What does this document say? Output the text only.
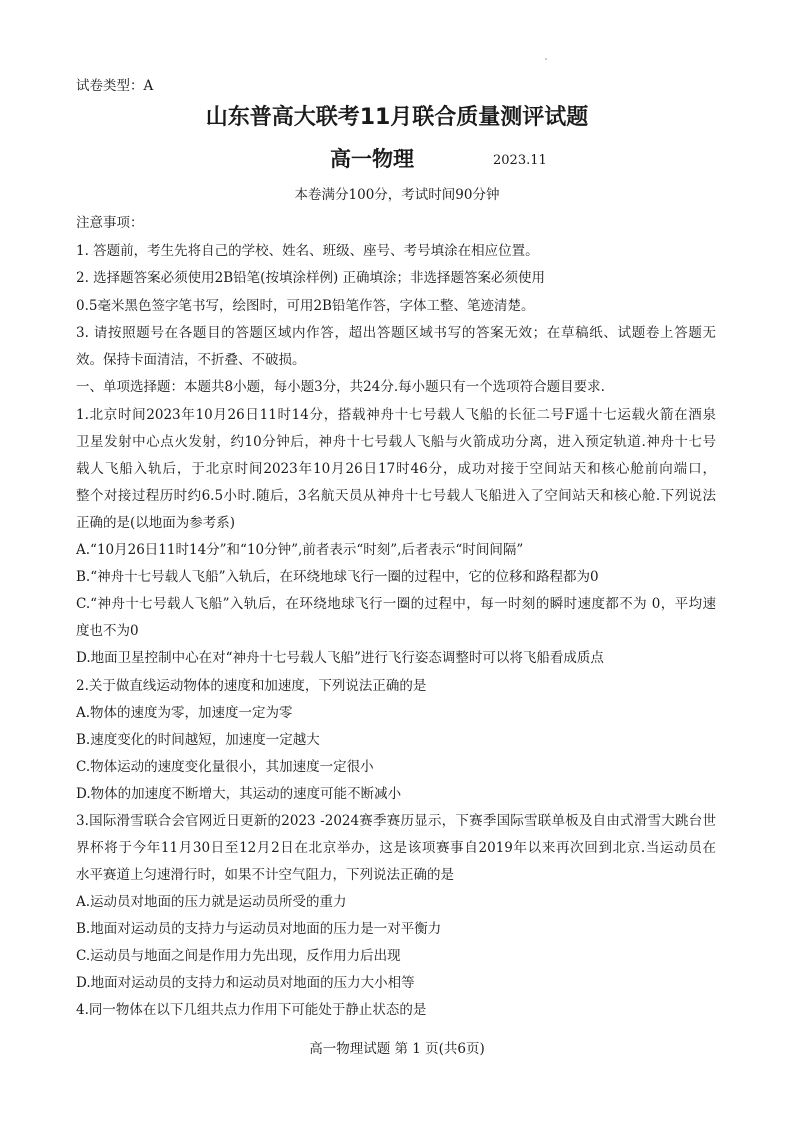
试卷类型：A
山东普高大联考11月联合质量测评试题
高一物理	2023.11
本卷满分100分，考试时间90分钟
注意事项：
1. 答题前，考生先将自己的学校、姓名、班级、座号、考号填涂在相应位置。
2. 选择题答案必须使用2B铅笔(按填涂样例) 正确填涂；非选择题答案必须使用
0.5毫米黑色签字笔书写，绘图时，可用2B铅笔作答，字体工整、笔迹清楚。
3. 请按照题号在各题目的答题区域内作答，超出答题区域书写的答案无效；在草稿纸、试题卷上答题无
效。保持卡面清洁，不折叠、不破损。
一、单项选择题：本题共8小题，每小题3分，共24分.每小题只有一个选项符合题目要求.
1.北京时间2023年10月26日11时14分，搭载神舟十七号载人飞船的长征二号F遥十七运载火箭在酒泉
卫星发射中心点火发射，约10分钟后，神舟十七号载人飞船与火箭成功分离，进入预定轨道.神舟十七号
载人飞船入轨后，于北京时间2023年10月26日17时46分，成功对接于空间站天和核心舱前向端口，
整个对接过程历时约6.5小时.随后，3名航天员从神舟十七号载人飞船进入了空间站天和核心舱.下列说法
正确的是(以地面为参考系)
A.“10月26日11时14分”和“10分钟”,前者表示“时刻”,后者表示“时间间隔”
B.“神舟十七号载人飞船”入轨后，在环绕地球飞行一圈的过程中，它的位移和路程都为0
C.“神舟十七号载人飞船”入轨后，在环绕地球飞行一圈的过程中，每一时刻的瞬时速度都不为 0，平均速
度也不为0
D.地面卫星控制中心在对“神舟十七号载人飞船”进行飞行姿态调整时可以将飞船看成质点
2.关于做直线运动物体的速度和加速度，下列说法正确的是
A.物体的速度为零，加速度一定为零
B.速度变化的时间越短，加速度一定越大
C.物体运动的速度变化量很小，其加速度一定很小
D.物体的加速度不断增大，其运动的速度可能不断减小
3.国际滑雪联合会官网近日更新的2023 -2024赛季赛历显示，下赛季国际雪联单板及自由式滑雪大跳台世
界杯将于今年11月30日至12月2日在北京举办，这是该项赛事自2019年以来再次回到北京.当运动员在
水平赛道上匀速滑行时，如果不计空气阻力，下列说法正确的是
A.运动员对地面的压力就是运动员所受的重力
B.地面对运动员的支持力与运动员对地面的压力是一对平衡力
C.运动员与地面之间是作用力先出现，反作用力后出现
D.地面对运动员的支持力和运动员对地面的压力大小相等
4.同一物体在以下几组共点力作用下可能处于静止状态的是
高一物理试题 第 1 页(共6页)
